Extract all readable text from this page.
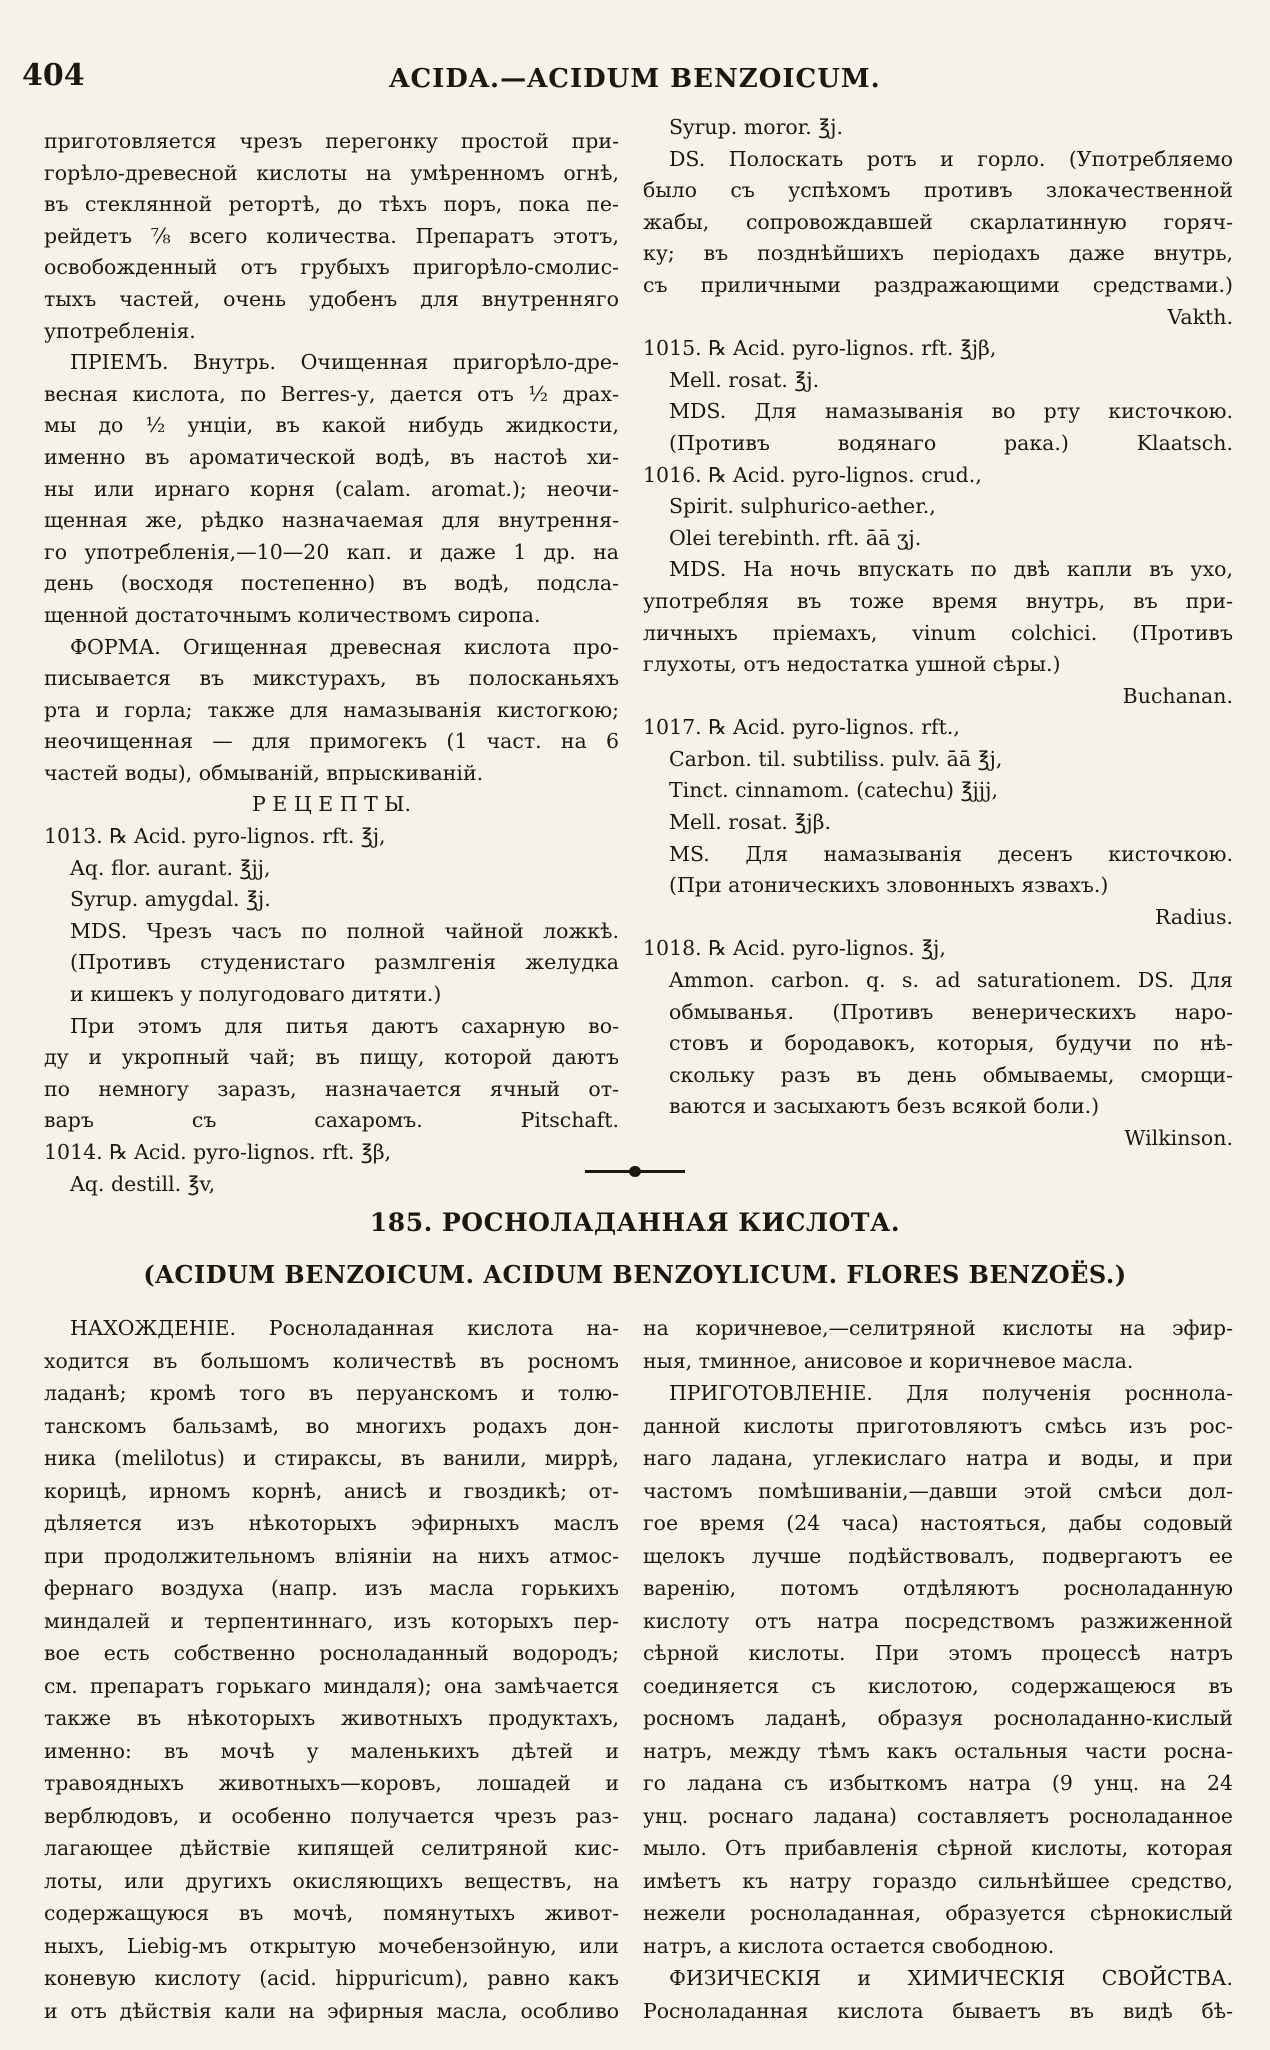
404	ACIDA.—ACIDUM BENZOICUM.
приготовляется чрезъ перегонку простой при-
горѣло-древесной кислоты на умѣренномъ огнѣ,
въ стеклянной ретортѣ, до тѣхъ поръ, пока пе-
рейдетъ ⅞ всего количества. Препаратъ этотъ,
освобожденный отъ грубыхъ пригорѣло-смолис-
тыхъ частей, очень удобенъ для внутренняго
употребленія.
ПРІЕМЪ. Внутрь. Очищенная пригорѣло-дре-
весная кислота, по Berres-у, дается отъ ½ драх-
мы до ½ унціи, въ какой нибудь жидкости,
именно въ ароматической водѣ, въ настоѣ хи-
ны или ирнаго корня (calam. aromat.); неочи-
щенная же, рѣдко назначаемая для внутрення-
го употребленія,—10—20 кап. и даже 1 др. на
день (восходя постепенно) въ водѣ, подсла-
щенной достаточнымъ количествомъ сиропа.
ФОРМА. Огищенная древесная кислота про-
писывается въ микстурахъ, въ полосканьяхъ
рта и горла; также для намазыванія кистогкою;
неочищенная — для примогекъ (1 част. на 6
частей воды), обмываній, впрыскиваній.
Р Е Ц Е П Т Ы.
1013. ℞ Acid. pyro-lignos. rft. ℥j,
Aq. flor. aurant. ℥jj,
Syrup. amygdal. ℥j.
MDS. Чрезъ часъ по полной чайной ложкѣ.
(Противъ студенистаго размлгенія желудка
и кишекъ у полугодоваго дитяти.)
При этомъ для питья даютъ сахарную во-
ду и укропный чай; въ пищу, которой даютъ
по немногу заразъ, назначается ячный от-
варъ съ сахаромъ. Pitschaft.
1014. ℞ Acid. pyro-lignos. rft. ℥β,
Aq. destill. ℥v,
Syrup. moror. ℥j.
DS. Полоскать ротъ и горло. (Употребляемо
было съ успѣхомъ противъ злокачественной
жабы, сопровождавшей скарлатинную горяч-
ку; въ позднѣйшихъ періодахъ даже внутрь,
съ приличными раздражающими средствами.)
Vakth.
1015. ℞ Acid. pyro-lignos. rft. ℥jβ,
Mell. rosat. ℥j.
MDS. Для намазыванія во рту кисточкою.
(Противъ водянаго рака.) Klaatsch.
1016. ℞ Acid. pyro-lignos. crud.,
Spirit. sulphurico-aether.,
Olei terebinth. rft. āā ʒj.
MDS. На ночь впускать по двѣ капли въ ухо,
употребляя въ тоже время внутрь, въ при-
личныхъ пріемахъ, vinum colchici. (Противъ
глухоты, отъ недостатка ушной сѣры.)
Buchanan.
1017. ℞ Acid. pyro-lignos. rft.,
Carbon. til. subtiliss. pulv. āā ℥j,
Tinct. cinnamom. (catechu) ℥jjj,
Mell. rosat. ℥jβ.
MS. Для намазыванія десенъ кисточкою.
(При атоническихъ зловонныхъ язвахъ.)
Radius.
1018. ℞ Acid. pyro-lignos. ℥j,
Ammon. carbon. q. s. ad saturationem. DS. Для
обмыванья. (Противъ венерическихъ наро-
стовъ и бородавокъ, которыя, будучи по нѣ-
скольку разъ въ день обмываемы, сморщи-
ваются и засыхаютъ безъ всякой боли.)
Wilkinson.
185. РОСНОЛАДАННАЯ КИСЛОТА.
(ACIDUM BENZOICUM. ACIDUM BENZOYLICUM. FLORES BENZOËS.)
НАХОЖДЕНІЕ. Росноладанная кислота на-
ходится въ большомъ количествѣ въ росномъ
ладанѣ; кромѣ того въ перуанскомъ и толю-
танскомъ бальзамѣ, во многихъ родахъ дон-
ника (melilotus) и стираксы, въ ванили, миррѣ,
корицѣ, ирномъ корнѣ, анисѣ и гвоздикѣ; от-
дѣляется изъ нѣкоторыхъ эфирныхъ маслъ
при продолжительномъ вліяніи на нихъ атмос-
фернаго воздуха (напр. изъ масла горькихъ
миндалей и терпентиннаго, изъ которыхъ пер-
вое есть собственно росноладанный водородъ;
см. препаратъ горькаго миндаля); она замѣчается
также въ нѣкоторыхъ животныхъ продуктахъ,
именно: въ мочѣ у маленькихъ дѣтей и
травоядныхъ животныхъ—коровъ, лошадей и
верблюдовъ, и особенно получается чрезъ раз-
лагающее дѣйствіе кипящей селитряной кис-
лоты, или другихъ окисляющихъ веществъ, на
содержащуюся въ мочѣ, помянутыхъ живот-
ныхъ, Liebig-мъ открытую мочебензойную, или
коневую кислоту (acid. hippuricum), равно какъ
и отъ дѣйствія кали на эфирныя масла, особливо
на коричневое,—селитряной кислоты на эфир-
ныя, тминное, анисовое и коричневое масла.
ПРИГОТОВЛЕНІЕ. Для полученія росннола-
данной кислоты приготовляютъ смѣсь изъ рос-
наго ладана, углекислаго натра и воды, и при
частомъ помѣшиваніи,—давши этой смѣси дол-
гое время (24 часа) настояться, дабы содовый
щелокъ лучше подѣйствовалъ, подвергаютъ ее
варенію, потомъ отдѣляютъ росноладанную
кислоту отъ натра посредствомъ разжиженной
сѣрной кислоты. При этомъ процессѣ натръ
соединяется съ кислотою, содержащеюся въ
росномъ ладанѣ, образуя росноладанно-кислый
натръ, между тѣмъ какъ остальныя части росна-
го ладана съ избыткомъ натра (9 унц. на 24
унц. роснаго ладана) составляетъ росноладанное
мыло. Отъ прибавленія сѣрной кислоты, которая
имѣетъ къ натру гораздо сильнѣйшее средство,
нежели росноладанная, образуется сѣрнокислый
натръ, а кислота остается свободною.
ФИЗИЧЕСКІЯ и ХИМИЧЕСКІЯ СВОЙСТВА.
Росноладанная кислота бываетъ въ видѣ бѣ-
